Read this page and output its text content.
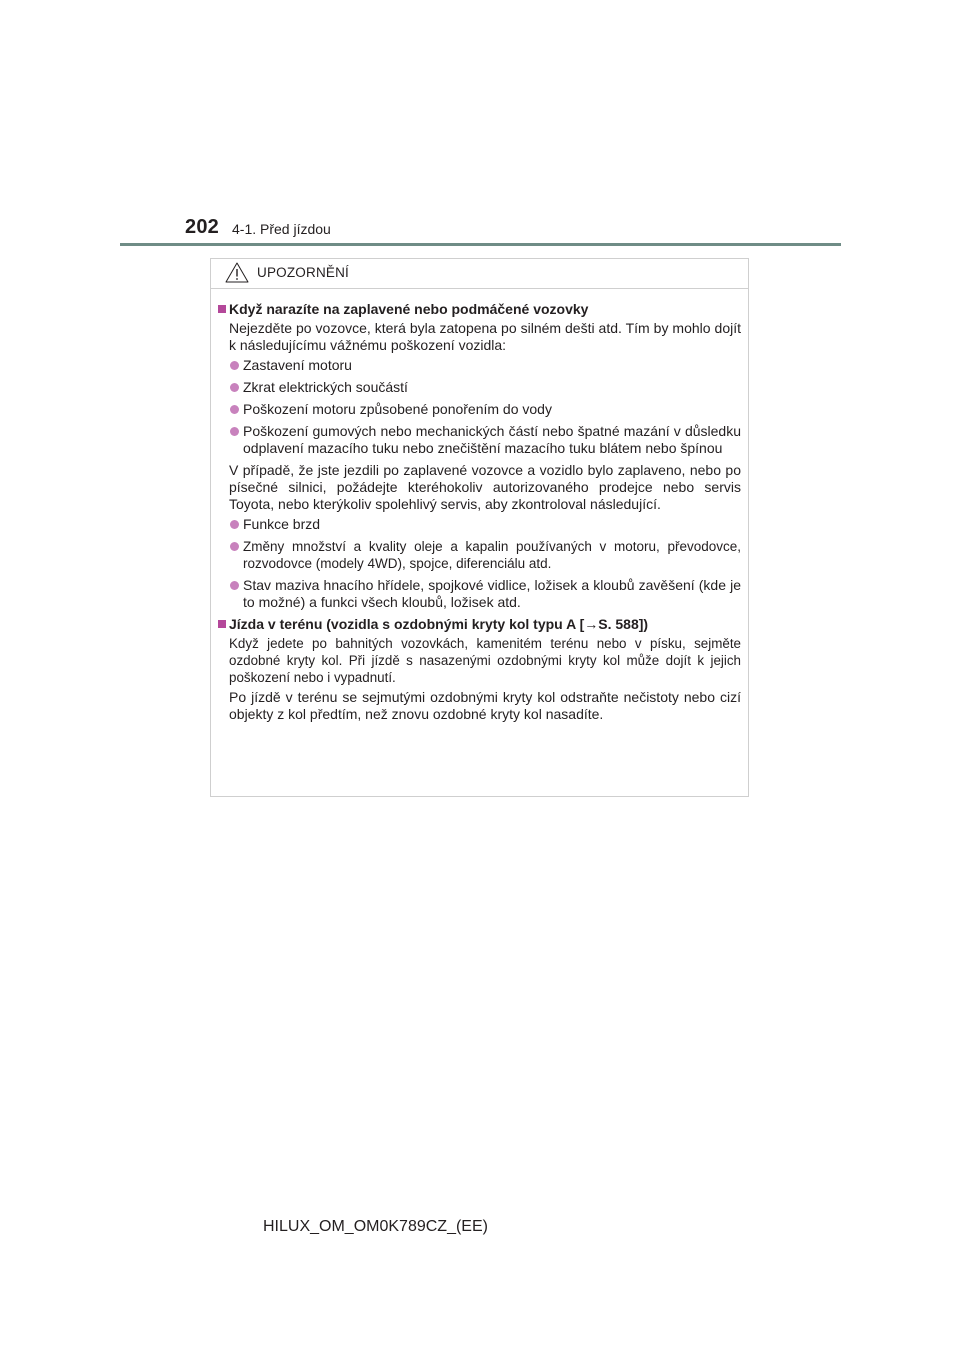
202 4-1. Před jízdou
UPOZORNĚNÍ
Když narazíte na zaplavené nebo podmáčené vozovky
Nejezděte po vozovce, která byla zatopena po silném dešti atd. Tím by mohlo dojít k následujícímu vážnému poškození vozidla:
Zastavení motoru
Zkrat elektrických součástí
Poškození motoru způsobené ponořením do vody
Poškození gumových nebo mechanických částí nebo špatné mazání v důsledku odplavení mazacího tuku nebo znečištění mazacího tuku blátem nebo špínou
V případě, že jste jezdili po zaplavené vozovce a vozidlo bylo zaplaveno, nebo po písečné silnici, požádejte kteréhokoliv autorizovaného prodejce nebo servis Toyota, nebo kterýkoliv spolehlivý servis, aby zkontroloval následující.
Funkce brzd
Změny množství a kvality oleje a kapalin používaných v motoru, převodovce, rozvodovce (modely 4WD), spojce, diferenciálu atd.
Stav maziva hnacího hřídele, spojkové vidlice, ložisek a kloubů zavěšení (kde je to možné) a funkci všech kloubů, ložisek atd.
Jízda v terénu (vozidla s ozdobnými kryty kol typu A [→S. 588])
Když jedete po bahnitých vozovkách, kamenitém terénu nebo v písku, sejměte ozdobné kryty kol. Při jízdě s nasazenými ozdobnými kryty kol může dojít k jejich poškození nebo i vypadnutí.
Po jízdě v terénu se sejmutými ozdobnými kryty kol odstraňte nečistoty nebo cizí objekty z kol předtím, než znovu ozdobné kryty kol nasadíte.
HILUX_OM_OM0K789CZ_(EE)
